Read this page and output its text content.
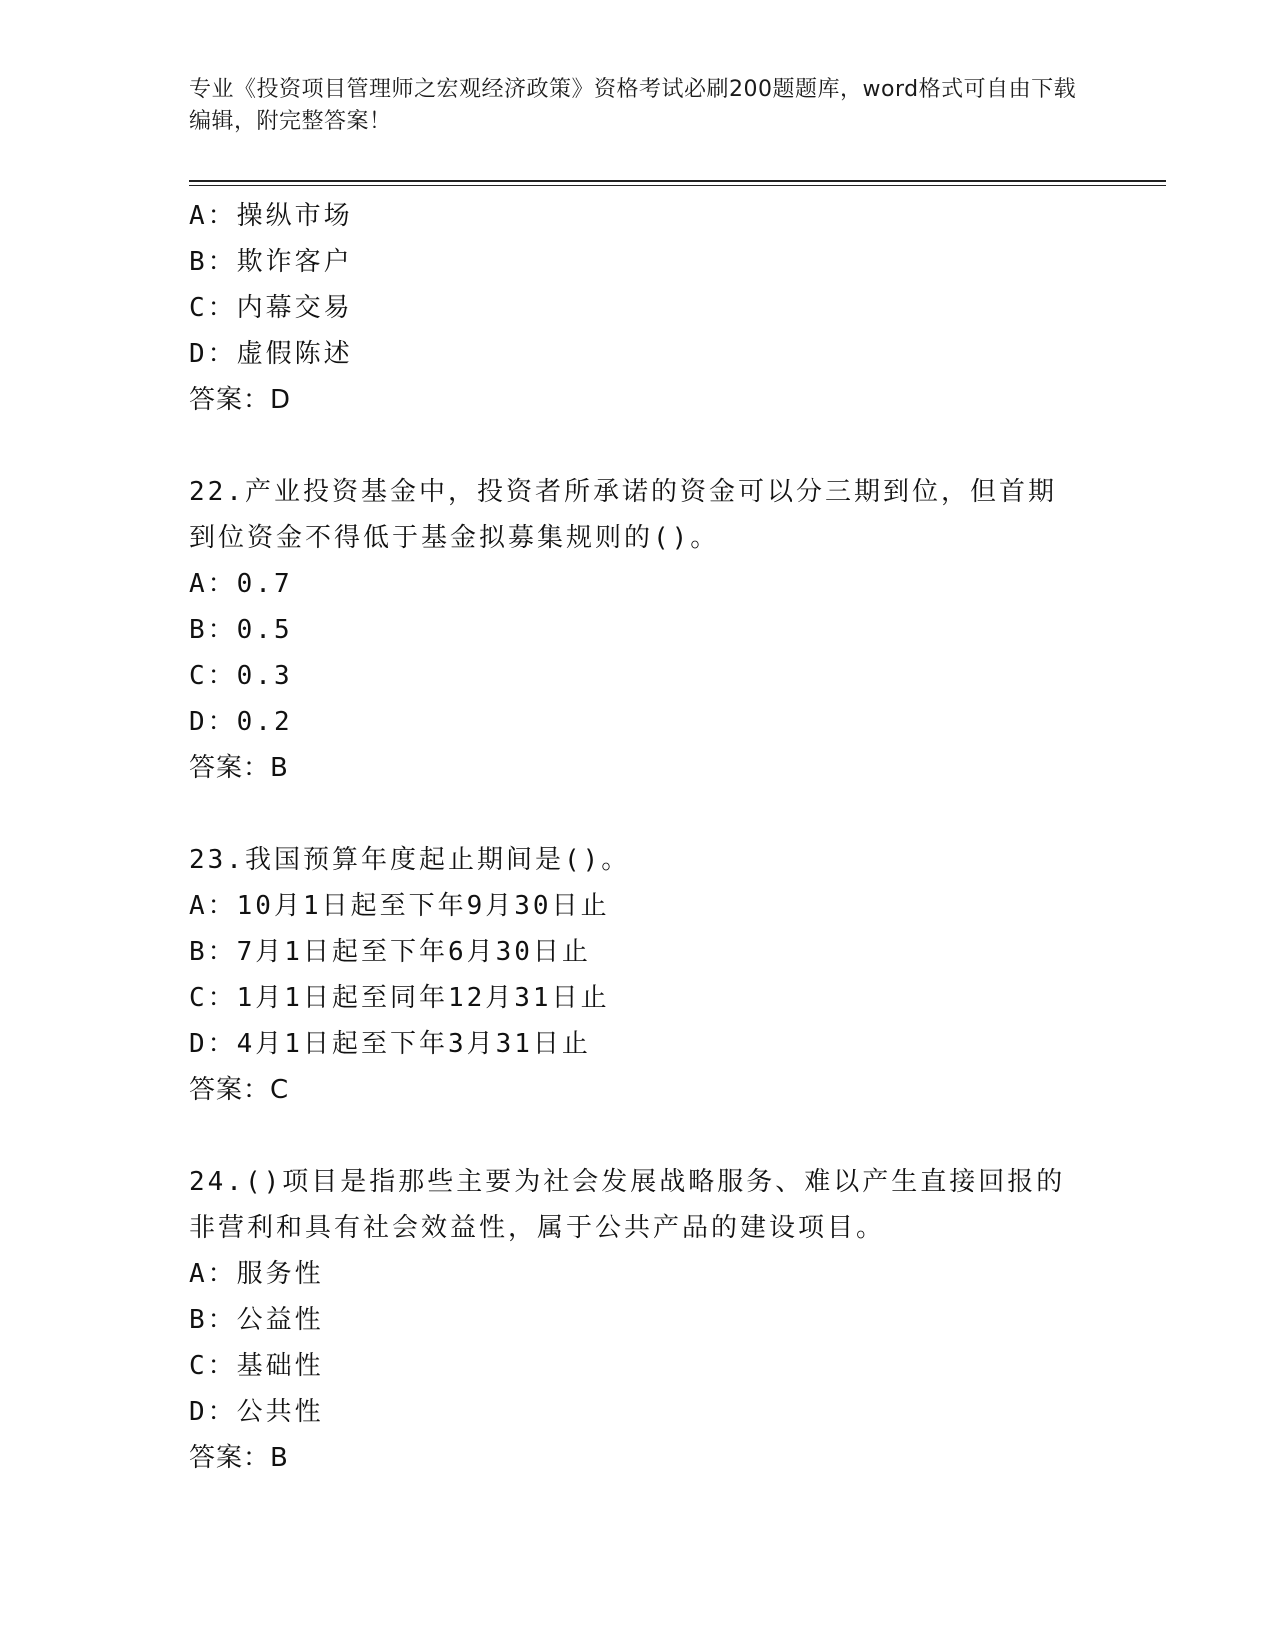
专业《投资项目管理师之宏观经济政策》资格考试必刷200题题库，word格式可自由下载编辑，附完整答案！
A：操纵市场
B：欺诈客户
C：内幕交易
D：虚假陈述
答案：D
22.产业投资基金中，投资者所承诺的资金可以分三期到位，但首期到位资金不得低于基金拟募集规则的()。
A：0.7
B：0.5
C：0.3
D：0.2
答案：B
23.我国预算年度起止期间是()。
A：10月1日起至下年9月30日止
B：7月1日起至下年6月30日止
C：1月1日起至同年12月31日止
D：4月1日起至下年3月31日止
答案：C
24.()项目是指那些主要为社会发展战略服务、难以产生直接回报的非营利和具有社会效益性，属于公共产品的建设项目。
A：服务性
B：公益性
C：基础性
D：公共性
答案：B
